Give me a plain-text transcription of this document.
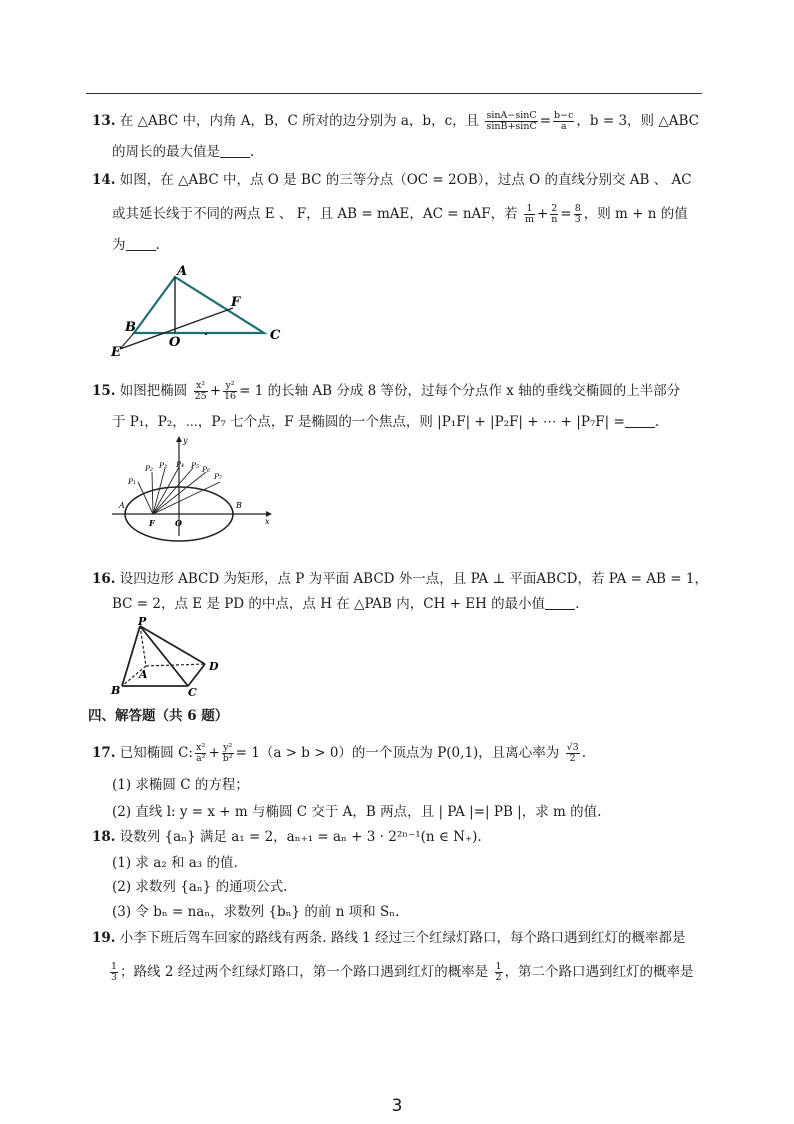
13. 在 △ABC 中，内角 A，B，C 所对的边分别为 a，b，c，且 $\frac{\sin A-\sin C}{\sin B+\sin C} = \frac{b-c}{a}$ ，b = 3，则 △ABC
的周长的最大值是 .
14. 如图，在 △ABC 中，点 O 是 BC 的三等分点（OC = 2OB），过点 O 的直线分别交 AB 、 AC
或其延长线于不同的两点 E 、 F，且 AB = mAE，AC = nAF，若 $\frac{1}{m} + \frac{2}{n} = \frac{8}{3}$ ，则 m + n 的值
为 .
A
B
C
O
E
F
15. 如图把椭圆 $\frac{\text{x²}}{25} + \frac{\text{y²}}{16} = 1$ 的长轴 AB 分成 8 等份，过每个分点作 x 轴的垂线交椭圆的上半部分
于 P₁，P₂，⋯，P₇ 七个点，F 是椭圆的一个焦点，则 |P₁F| + |P₂F| + ⋯ + |P₇F| = .
A	B
F	O	x
y
P₁
P₂ P₃ P₄ P₅ P₆
P₇
16. 设四边形 ABCD 为矩形，点 P 为平面 ABCD 外一点，且 PA ⊥ 平面ABCD，若 PA = AB = 1，
BC = 2，点 E 是 PD 的中点，点 H 在 △PAB 内，CH + EH 的最小值 .
P
A
B	C
D
四、解答题（共 6 题）
17. 已知椭圆 C: $\frac{\text{x²}}{\text{a²}} + \frac{\text{y²}}{\text{b²}} = 1(a > b > 0)$的一个顶点为 P(0,1)，且离心率为 $\frac{√3}{2}$ .
(1) 求椭圆 C 的方程；
(2) 直线 l: y = x + m 与椭圆 C 交于 A，B 两点，且 | PA |=| PB |，求 m 的值.
18. 设数列 {aₙ} 满足 a₁ = 2，aₙ₊₁ = aₙ + 3 · 2²ⁿ⁻¹(n ∈ N₊).
(1) 求 a₂ 和 a₃ 的值.
(2) 求数列 {aₙ} 的通项公式.
(3) 令 bₙ = naₙ，求数列 {bₙ} 的前 n 项和 Sₙ.
19. 小李下班后驾车回家的路线有两条. 路线 1 经过三个红绿灯路口，每个路口遇到红灯的概率都是
$\frac{1}{3}$ ；路线 2 经过两个红绿灯路口，第一个路口遇到红灯的概率是 $\frac{1}{2}$ ，第二个路口遇到红灯的概率是
3
